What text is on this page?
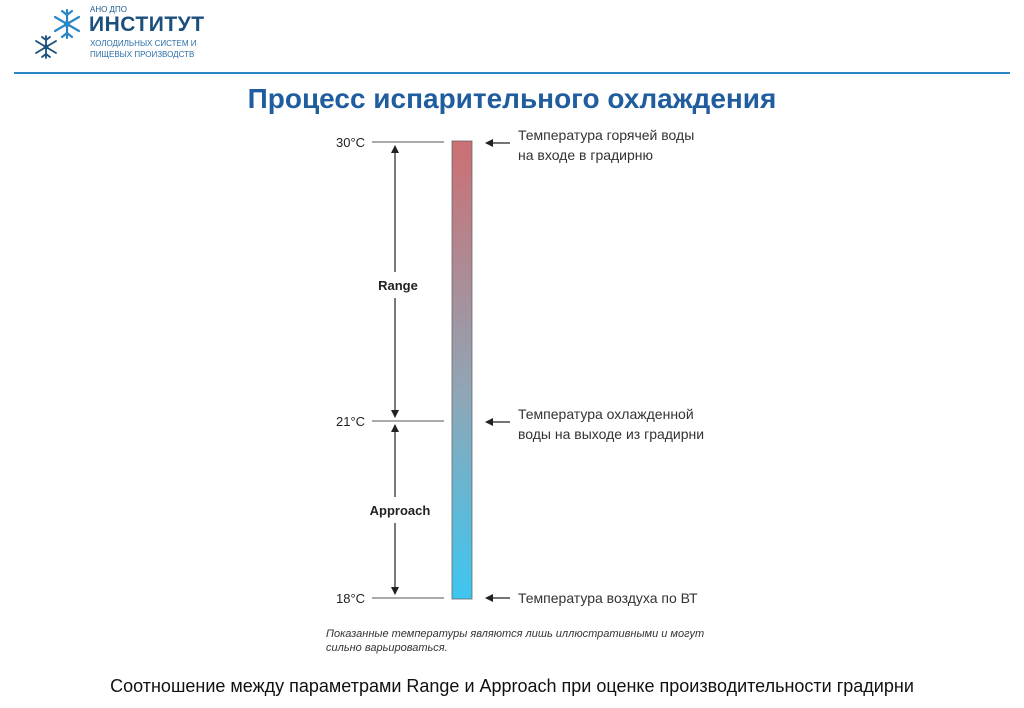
АНО ДПО
ИНСТИТУТ
ХОЛОДИЛЬНЫХ СИСТЕМ И
ПИЩЕВЫХ ПРОИЗВОДСТВ
Процесс испарительного охлаждения
30°C
21°C
18°C
Range
Approach
Температура горячей воды
на входе в градирню
Температура охлажденной
воды на выходе из градирни
Температура воздуха по ВТ
Показанные температуры являются лишь иллюстративными и могут
сильно варьироваться.
Соотношение между параметрами Range и Approach при оценке производительности градирни
